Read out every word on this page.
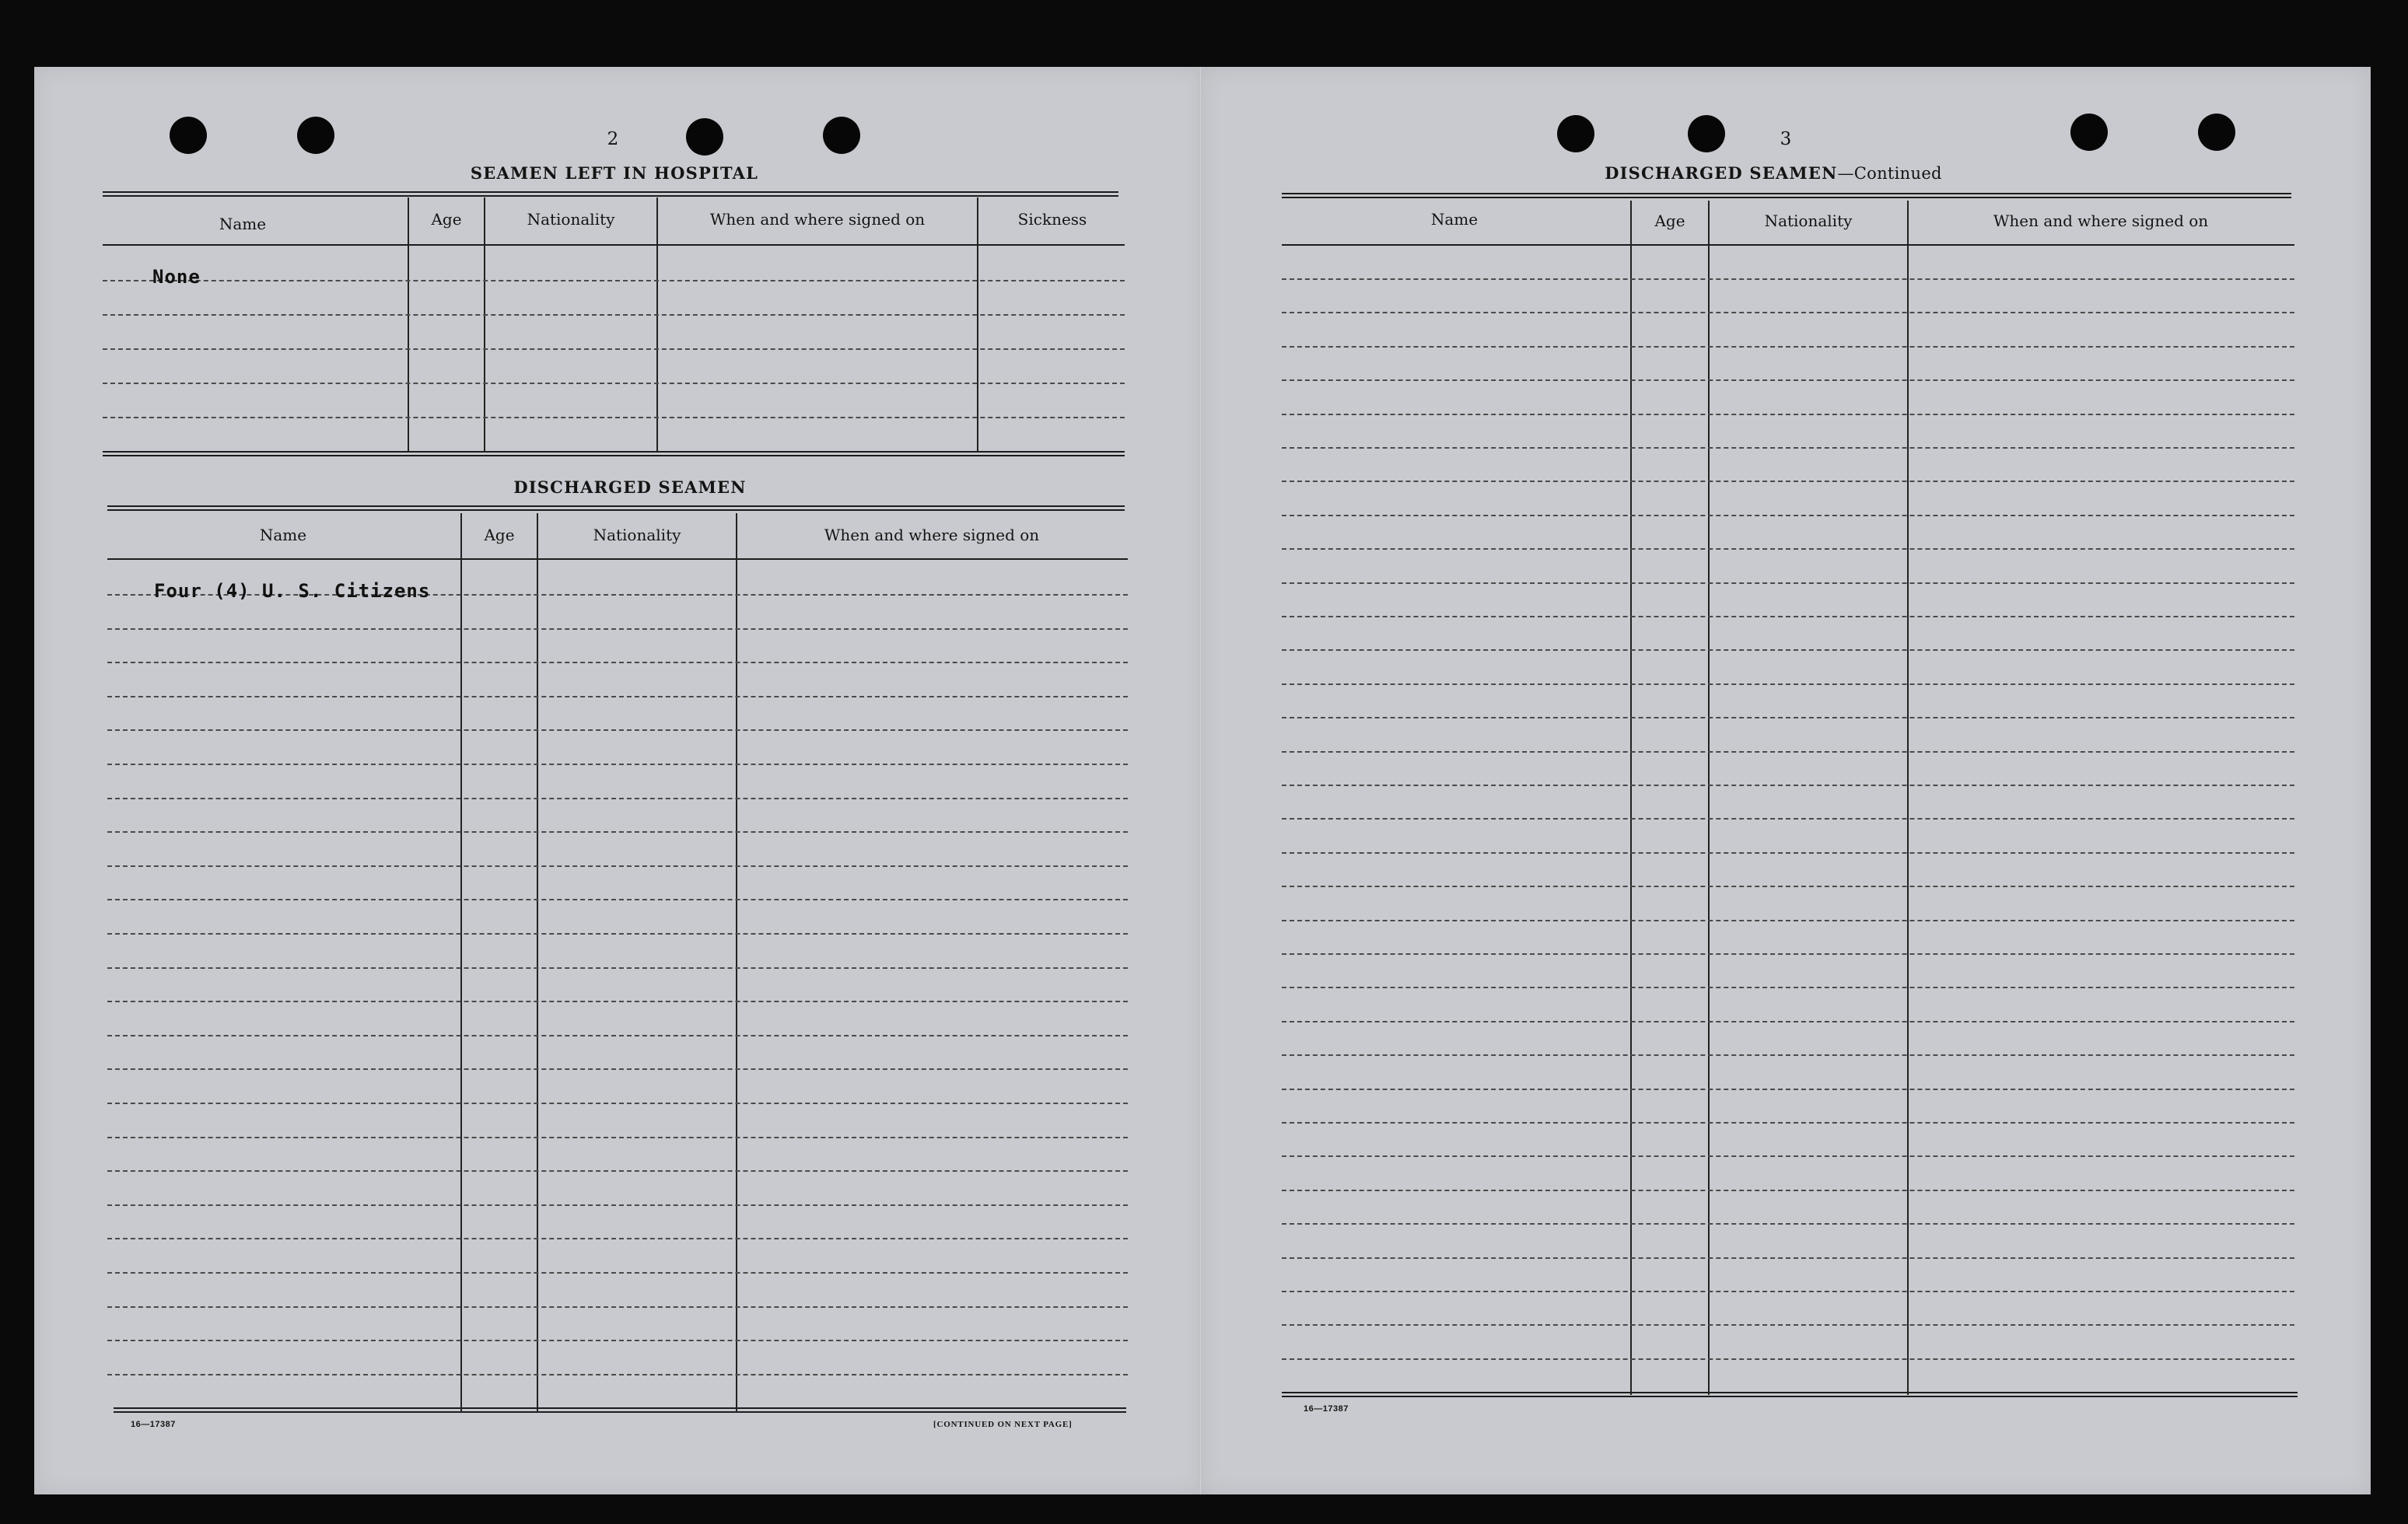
2
SEAMEN LEFT IN HOSPITAL
Name	Age	Nationality	When and where signed on	Sickness
None
DISCHARGED SEAMEN
Name	Age	Nationality	When and where signed on
Four (4) U. S. Citizens
16—17387	[CONTINUED ON NEXT PAGE]
3
DISCHARGED SEAMEN—Continued
Name	Age	Nationality	When and where signed on
16—17387
